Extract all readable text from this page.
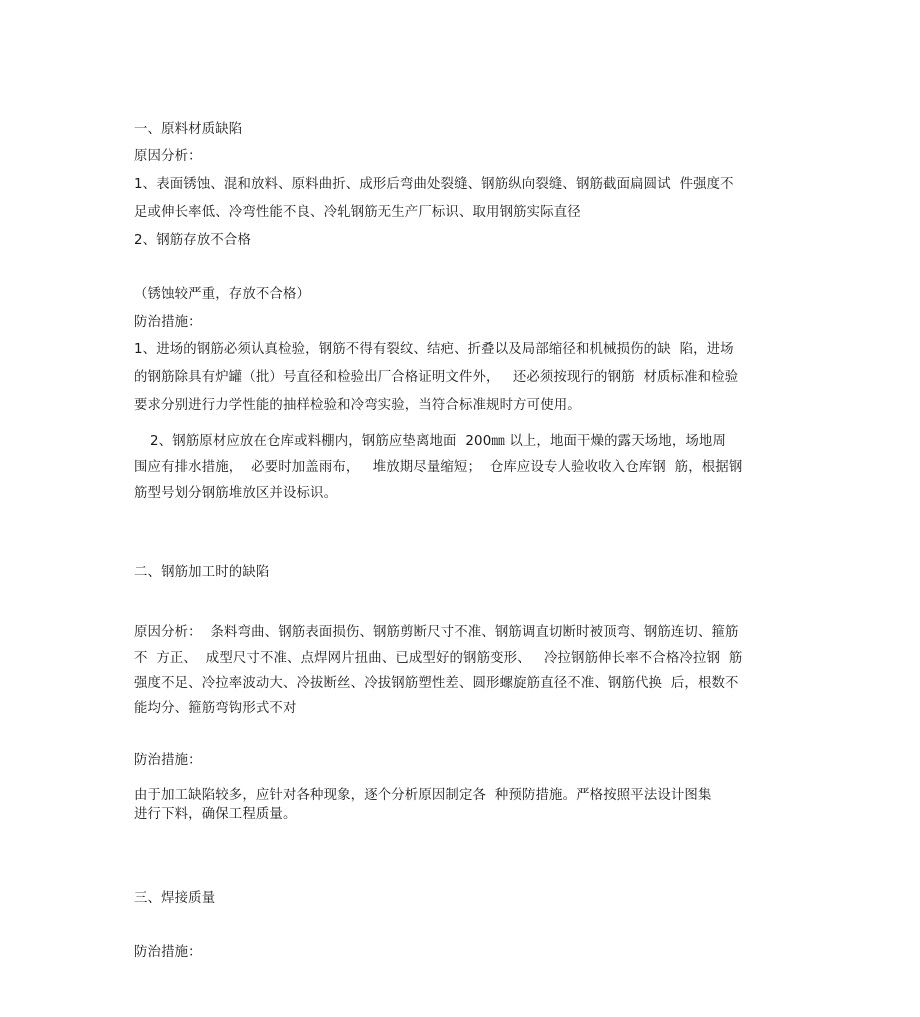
一、原料材质缺陷

原因分析：

1、表面锈蚀、混和放料、原料曲折、成形后弯曲处裂缝、钢筋纵向裂缝、钢筋截面扁圆试  件强度不

足或伸长率低、冷弯性能不良、冷轧钢筋无生产厂标识、取用钢筋实际直径

2、钢筋存放不合格

（锈蚀较严重，存放不合格）

防治措施：

1、进场的钢筋必须认真检验，钢筋不得有裂纹、结疤、折叠以及局部缩径和机械损伤的缺  陷，进场

的钢筋除具有炉罐（批）号直径和检验出厂合格证明文件外，   还必须按现行的钢筋  材质标准和检验

要求分别进行力学性能的抽样检验和冷弯实验，当符合标准规时方可使用。

2、钢筋原材应放在仓库或料棚内，钢筋应垫离地面  200㎜ 以上，地面干燥的露天场地，场地周

围应有排水措施，  必要时加盖雨布，   堆放期尽量缩短；  仓库应设专人验收收入仓库钢  筋，根据钢

筋型号划分钢筋堆放区并设标识。

二、钢筋加工时的缺陷

原因分析：  条料弯曲、钢筋表面损伤、钢筋剪断尺寸不准、钢筋调直切断时被顶弯、钢筋连切、箍筋

不  方正、  成型尺寸不准、点焊网片扭曲、已成型好的钢筋变形、   冷拉钢筋伸长率不合格冷拉钢  筋

强度不足、冷拉率波动大、冷拔断丝、冷拔钢筋塑性差、圆形螺旋筋直径不准、钢筋代换  后，根数不

能均分、箍筋弯钩形式不对

防治措施：

由于加工缺陷较多，应针对各种现象，逐个分析原因制定各  种预防措施。严格按照平法设计图集

进行下料，确保工程质量。

三、焊接质量

防治措施：
